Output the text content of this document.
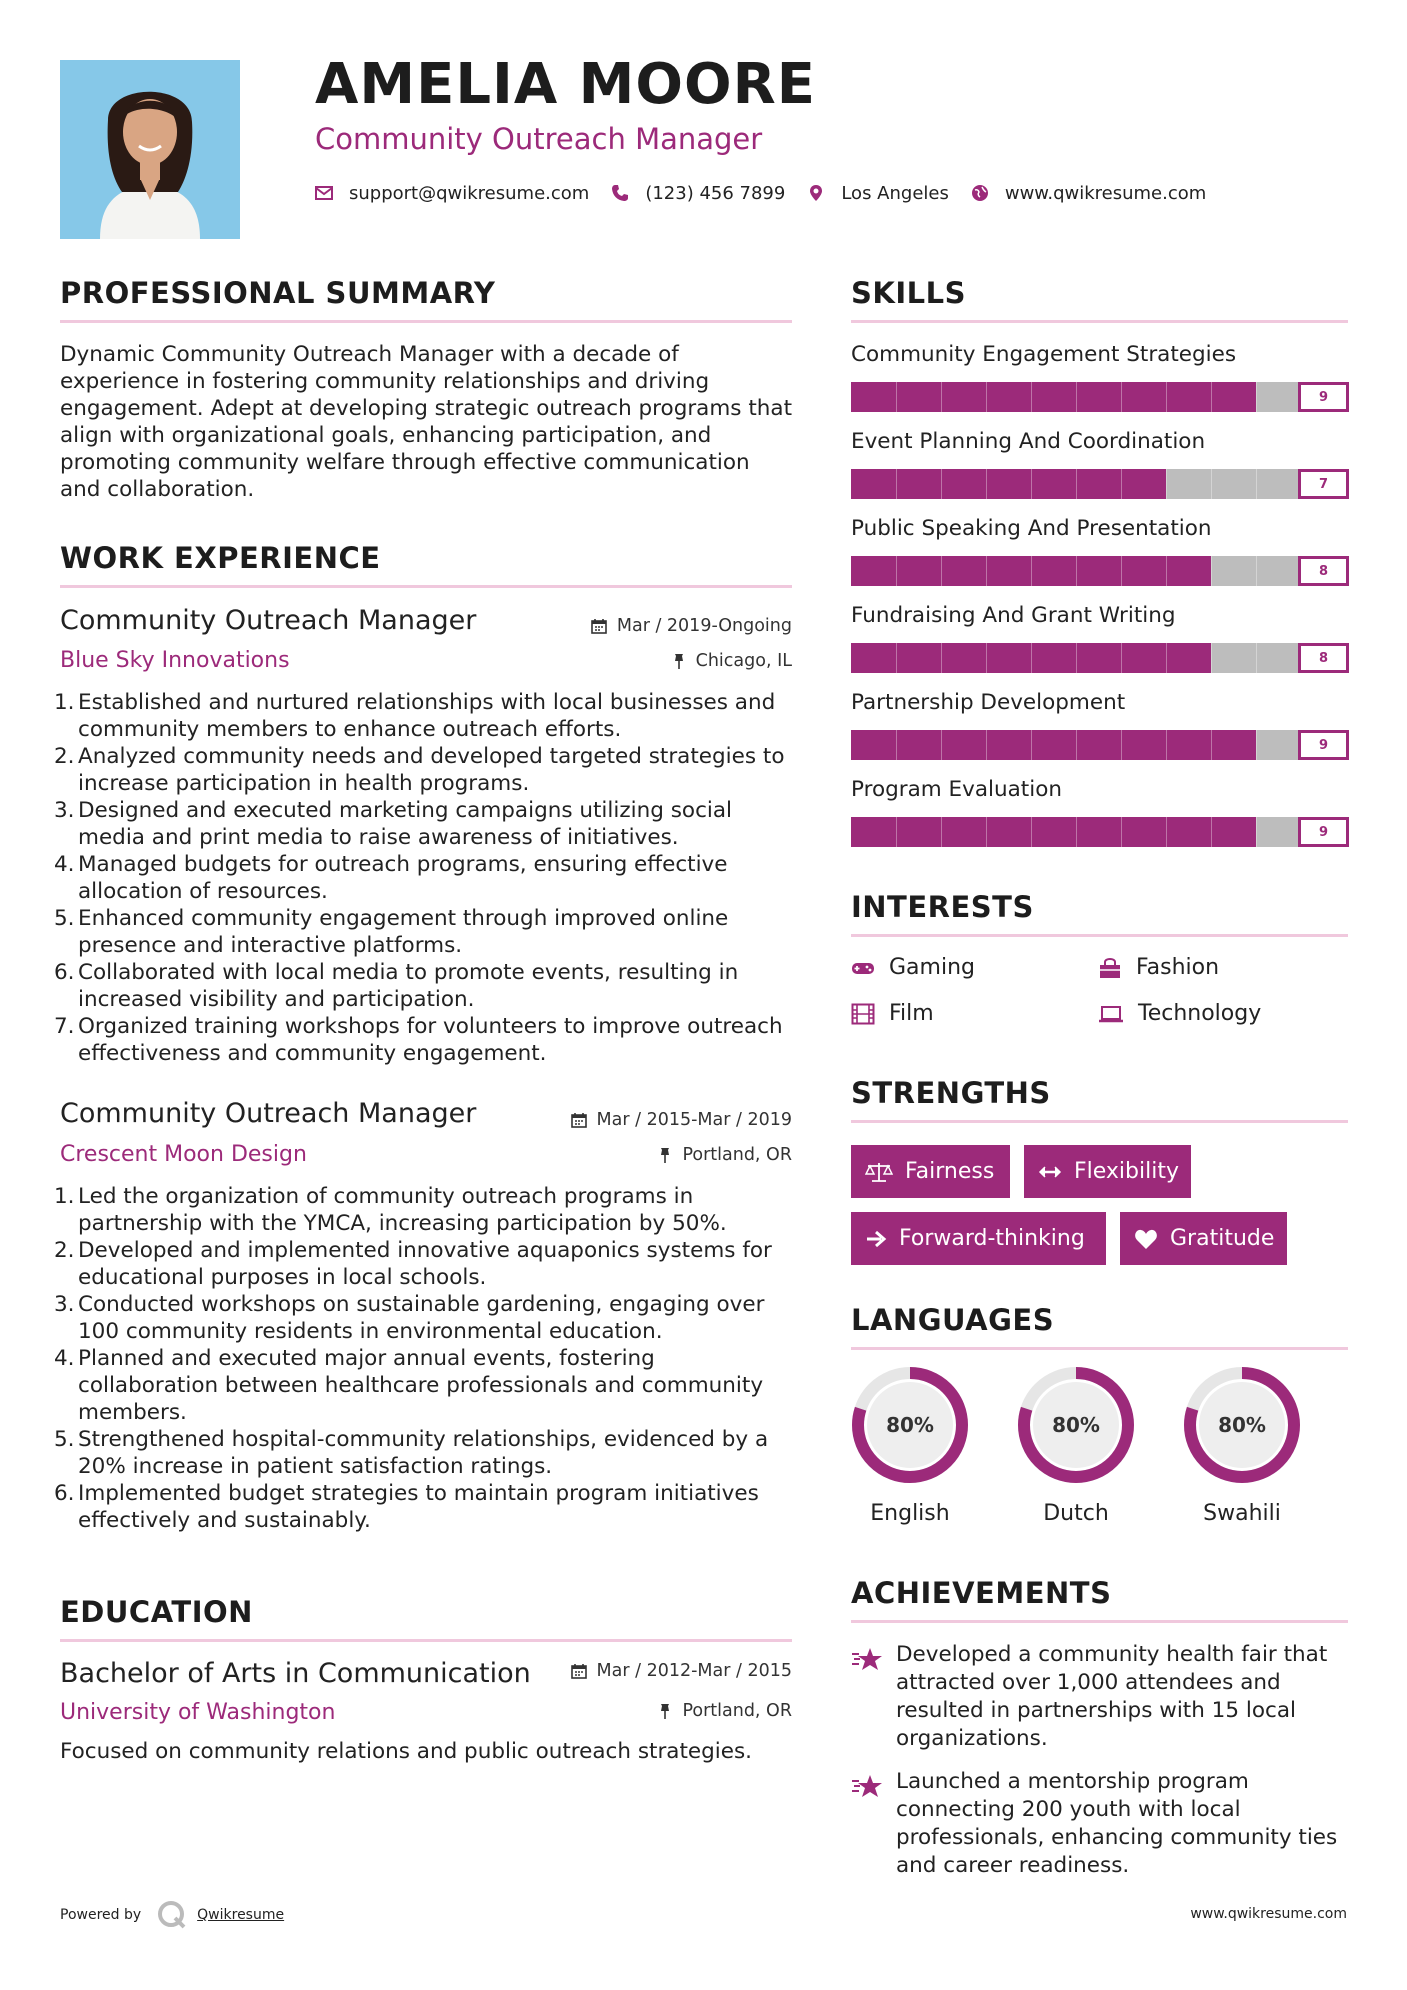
AMELIA MOORE
Community Outreach Manager
support@qwikresume.com	(123) 456 7899	Los Angeles	www.qwikresume.com
PROFESSIONAL SUMMARY
Dynamic Community Outreach Manager with a decade of experience in fostering community relationships and driving engagement. Adept at developing strategic outreach programs that align with organizational goals, enhancing participation, and promoting community welfare through effective communication and collaboration.
WORK EXPERIENCE
Community Outreach Manager	Mar / 2019-Ongoing
Blue Sky Innovations	Chicago, IL
1. Established and nurtured relationships with local businesses and community members to enhance outreach efforts.
2. Analyzed community needs and developed targeted strategies to increase participation in health programs.
3. Designed and executed marketing campaigns utilizing social media and print media to raise awareness of initiatives.
4. Managed budgets for outreach programs, ensuring effective allocation of resources.
5. Enhanced community engagement through improved online presence and interactive platforms.
6. Collaborated with local media to promote events, resulting in increased visibility and participation.
7. Organized training workshops for volunteers to improve outreach effectiveness and community engagement.
Community Outreach Manager	Mar / 2015-Mar / 2019
Crescent Moon Design	Portland, OR
1. Led the organization of community outreach programs in partnership with the YMCA, increasing participation by 50%.
2. Developed and implemented innovative aquaponics systems for educational purposes in local schools.
3. Conducted workshops on sustainable gardening, engaging over 100 community residents in environmental education.
4. Planned and executed major annual events, fostering collaboration between healthcare professionals and community members.
5. Strengthened hospital-community relationships, evidenced by a 20% increase in patient satisfaction ratings.
6. Implemented budget strategies to maintain program initiatives effectively and sustainably.
EDUCATION
Bachelor of Arts in Communication	Mar / 2012-Mar / 2015
University of Washington	Portland, OR
Focused on community relations and public outreach strategies.
SKILLS
Community Engagement Strategies
9
Event Planning And Coordination
7
Public Speaking And Presentation
8
Fundraising And Grant Writing
8
Partnership Development
9
Program Evaluation
9
INTERESTS
Gaming	Fashion
Film	Technology
STRENGTHS
Fairness	Flexibility
Forward-thinking	Gratitude
LANGUAGES
80%
English
80%
Dutch
80%
Swahili
ACHIEVEMENTS
Developed a community health fair that attracted over 1,000 attendees and resulted in partnerships with 15 local organizations.
Launched a mentorship program connecting 200 youth with local professionals, enhancing community ties and career readiness.
Powered by	Qwikresume	www.qwikresume.com
